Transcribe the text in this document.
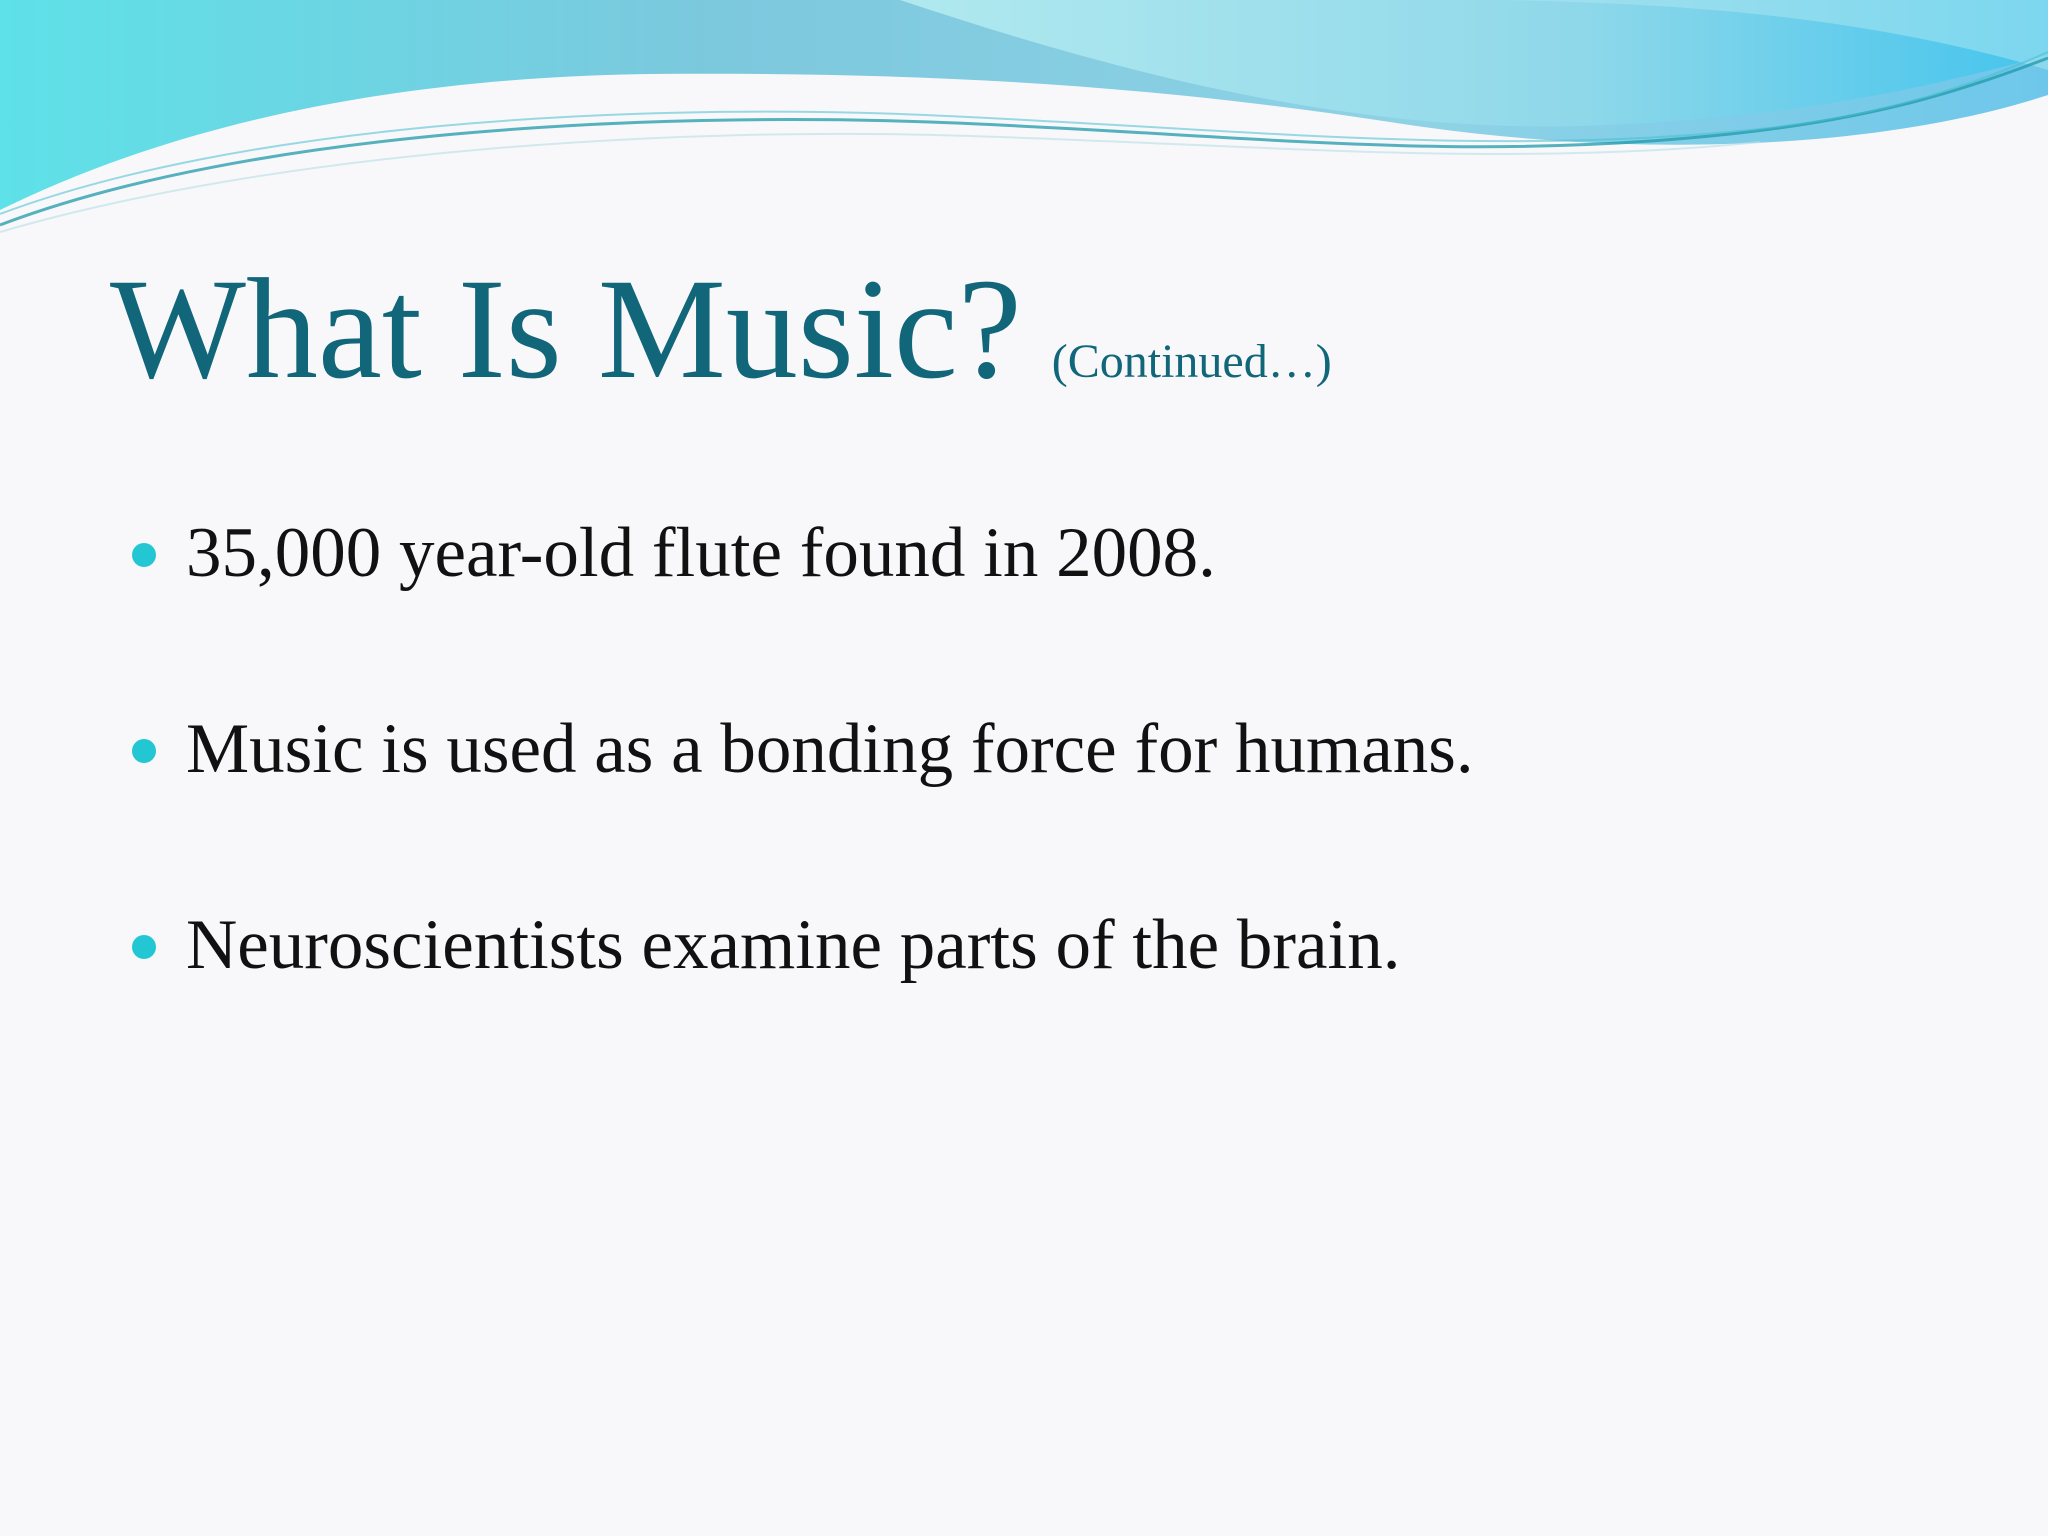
What Is Music? (Continued…)
35,000 year-old flute found in 2008.
Music is used as a bonding force for humans.
Neuroscientists examine parts of the brain.
